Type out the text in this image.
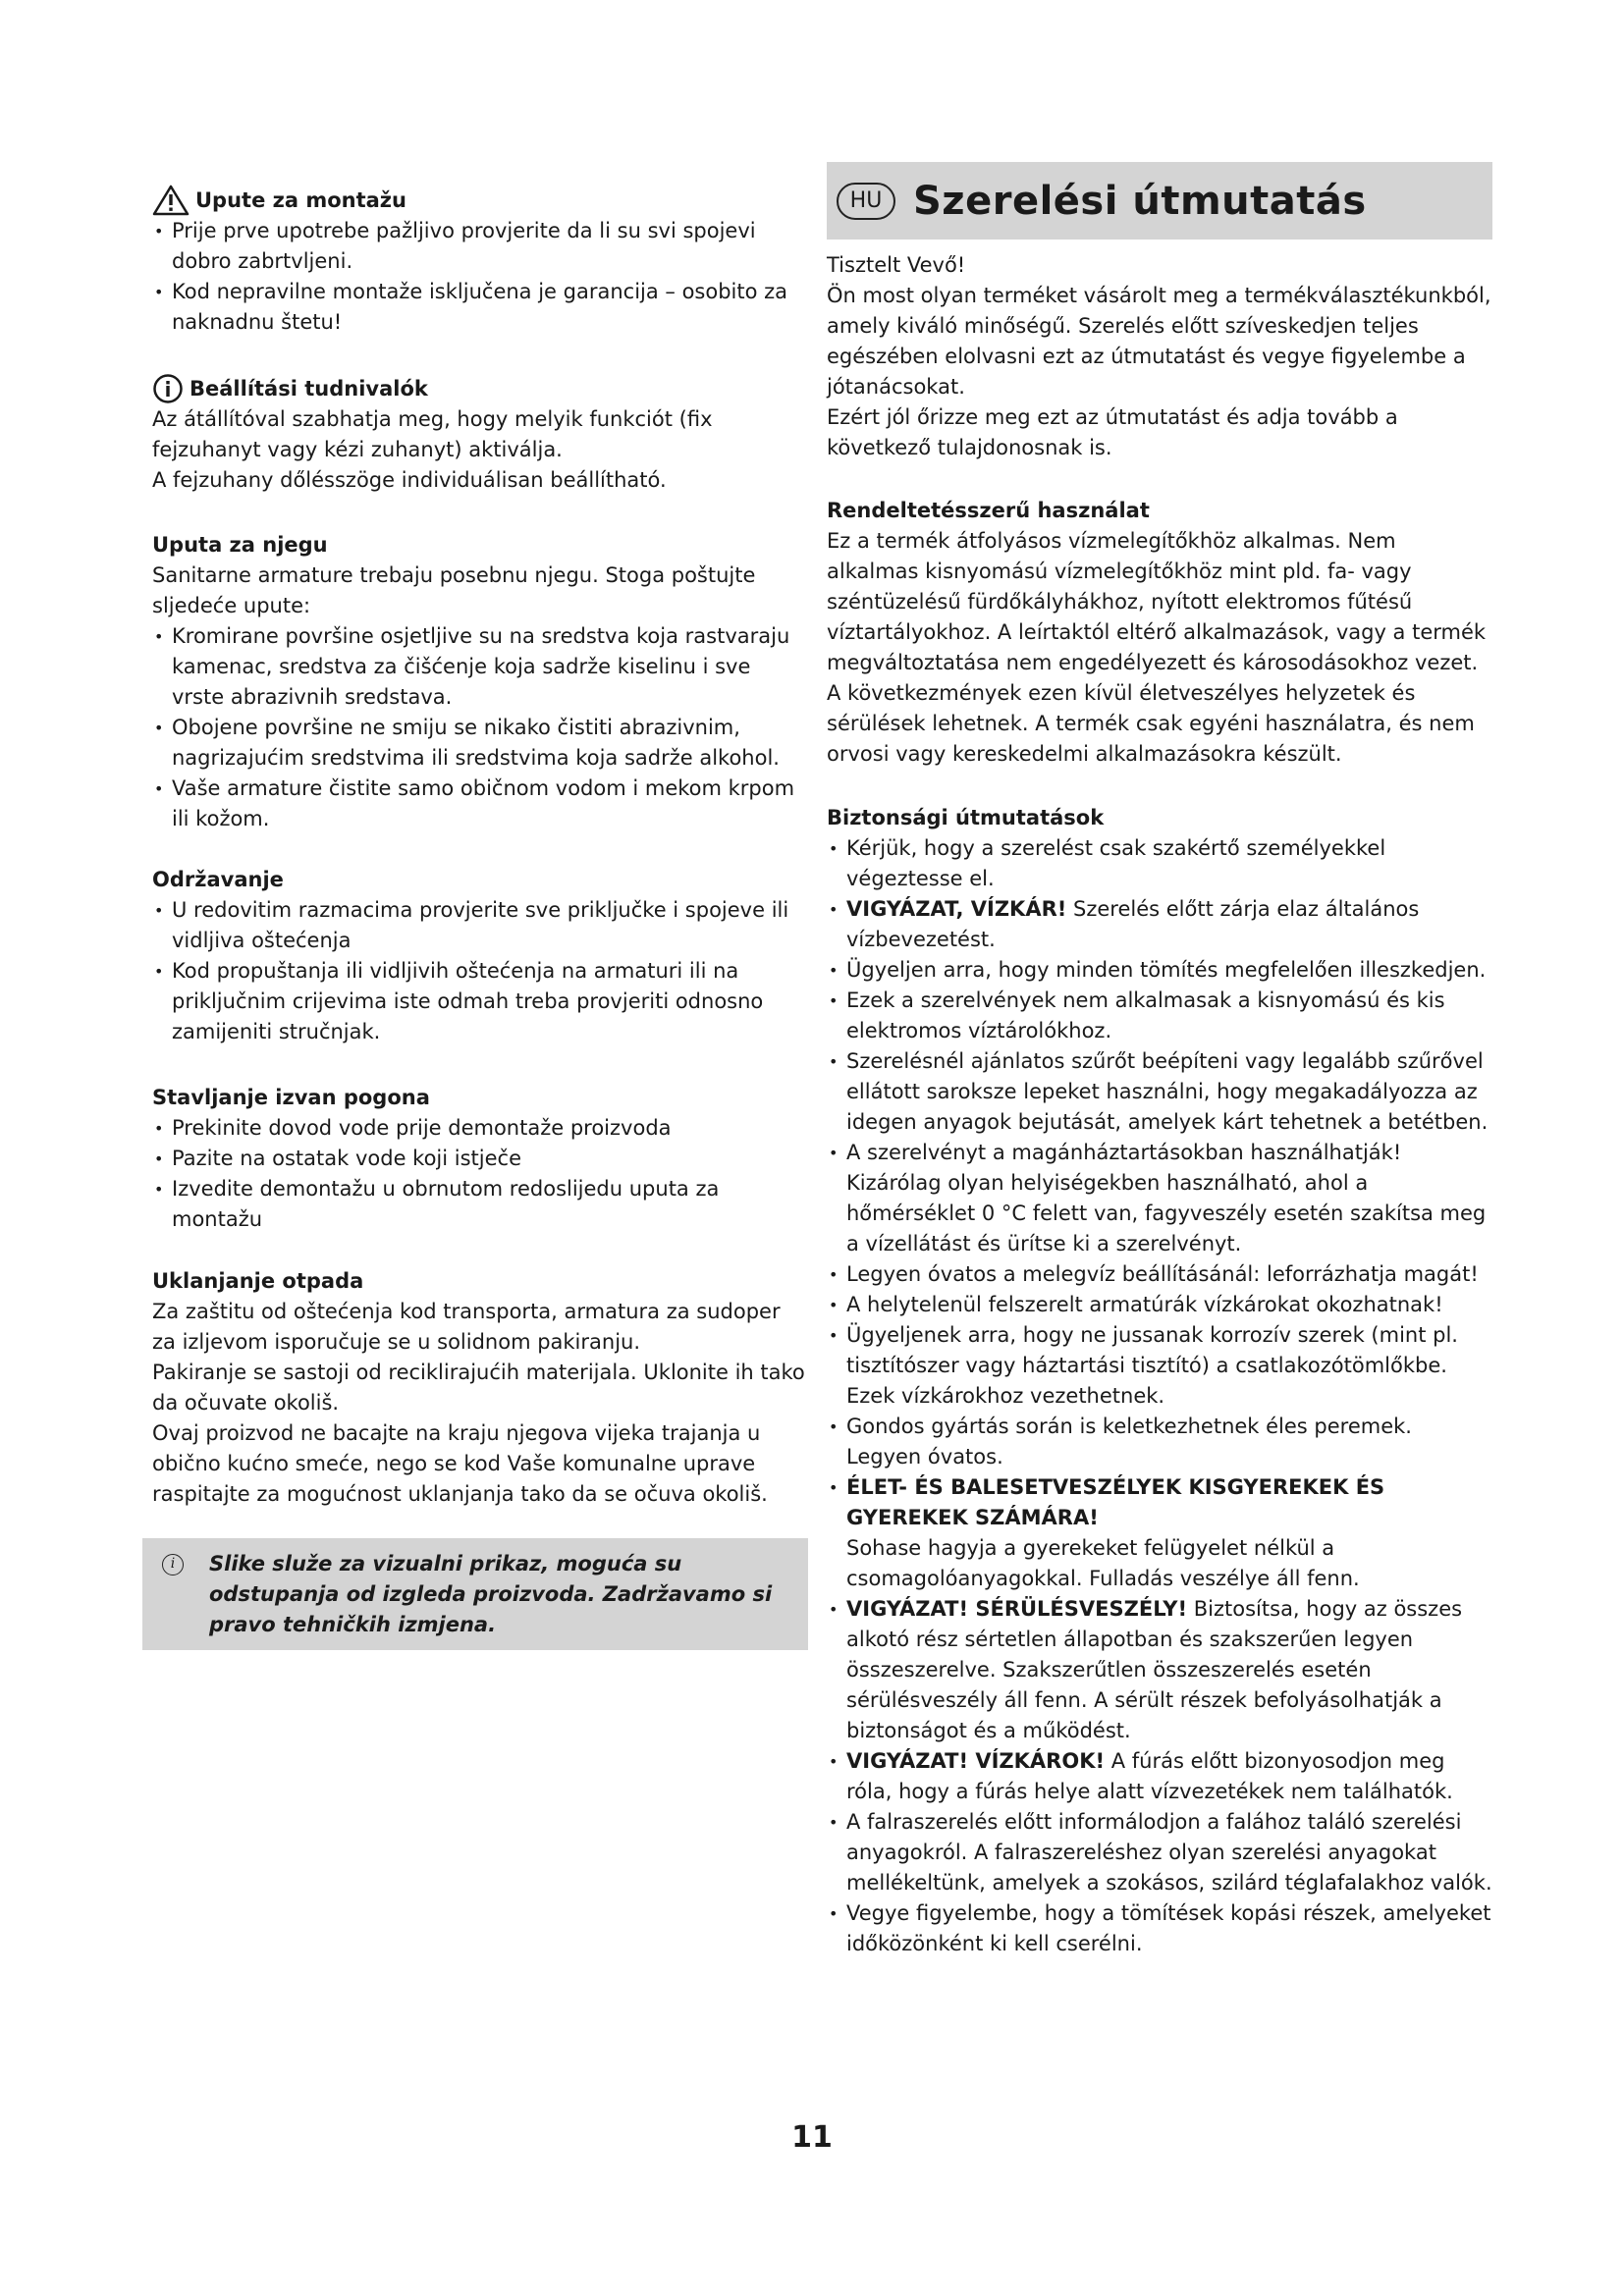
Upute za montažu
• Prije prve upotrebe pažljivo provjerite da li su svi spojevi dobro zabrtvljeni.
• Kod nepravilne montaže isključena je garancija – osobito za naknadnu štetu!
Beállítási tudnivalók

Az átállítóval szabhatja meg, hogy melyik funkciót (fix fejzuhanyt vagy kézi zuhanyt) aktiválja.

A fejzuhany dőlésszöge individuálisan beállítható.

Uputa za njegu

Sanitarne armature trebaju posebnu njegu. Stoga poštujte sljedeće upute:

• Kromirane površine osjetljive su na sredstva koja rastvaraju kamenac, sredstva za čišćenje koja sadrže kiselinu i sve vrste abrazivnih sredstava.
• Obojene površine ne smiju se nikako čistiti abrazivnim, nagrizajućim sredstvima ili sredstvima koja sadrže alkohol.
• Vaše armature čistite samo običnom vodom i mekom krpom ili kožom.
Održavanje
• U redovitim razmacima provjerite sve priključke i spojeve ili vidljiva oštećenja
• Kod propuštanja ili vidljivih oštećenja na armaturi ili na priključnim crijevima iste odmah treba provjeriti odnosno zamijeniti stručnjak.
Stavljanje izvan pogona
• Prekinite dovod vode prije demontaže proizvoda
• Pazite na ostatak vode koji istječe
• Izvedite demontažu u obrnutom redoslijedu uputa za montažu
Uklanjanje otpada

Za zaštitu od oštećenja kod transporta, armatura za sudoper za izljevom isporučuje se u solidnom pakiranju.

Pakiranje se sastoji od reciklirajućih materijala. Uklonite ih tako da očuvate okoliš.

Ovaj proizvod ne bacajte na kraju njegova vijeka trajanja u obično kućno smeće, nego se kod Vaše komunalne uprave raspitajte za mogućnost uklanjanja tako da se očuva okoliš.

i	Slike služe za vizualni prikaz, moguća su odstupanja od izgleda proizvoda. Zadržavamo si pravo tehničkih izmjena.
HU Szerelési útmutatás

Tisztelt Vevő!

Ön most olyan terméket vásárolt meg a termékválasztékunkból, amely kiváló minőségű. Szerelés előtt szíveskedjen teljes egészében elolvasni ezt az útmutatást és vegye figyelembe a jótanácsokat.

Ezért jól őrizze meg ezt az útmutatást és adja tovább a következő tulajdonosnak is.

Rendeltetésszerű használat

Ez a termék átfolyásos vízmelegítőkhöz alkalmas. Nem alkalmas kisnyomású vízmelegítőkhöz mint pld. fa- vagy széntüzelésű fürdőkályhákhoz, nyított elektromos fűtésű víztartályokhoz. A leírtaktól eltérő alkalmazások, vagy a termék megváltoztatása nem engedélyezett és károsodásokhoz vezet. A következmények ezen kívül életveszélyes helyzetek és sérülések lehetnek. A termék csak egyéni használatra, és nem orvosi vagy kereskedelmi alkalmazásokra készült.

Biztonsági útmutatások
• Kérjük, hogy a szerelést csak szakértő személyekkel végeztesse el.
• VIGYÁZAT, VÍZKÁR! Szerelés előtt zárja elaz általános vízbevezetést.
• Ügyeljen arra, hogy minden tömítés megfelelően illeszkedjen.
• Ezek a szerelvények nem alkalmasak a kisnyomású és kis elektromos víztárolókhoz.
• Szerelésnél ajánlatos szűrőt beépíteni vagy legalább szűrővel ellátott saroksze lepeket használni, hogy megakadályozza az idegen anyagok bejutását, amelyek kárt tehetnek a betétben.
• A szerelvényt a magánháztartásokban használhatják! Kizárólag olyan helyiségekben használható, ahol a hőmérséklet 0 °C felett van, fagyveszély esetén szakítsa meg a vízellátást és ürítse ki a szerelvényt.
• Legyen óvatos a melegvíz beállításánál: leforrázhatja magát!
• A helytelenül felszerelt armatúrák vízkárokat okozhatnak!
• Ügyeljenek arra, hogy ne jussanak korrozív szerek (mint pl. tisztítószer vagy háztartási tisztító) a csatlakozótömlőkbe. Ezek vízkárokhoz vezethetnek.
• Gondos gyártás során is keletkezhetnek éles peremek. Legyen óvatos.
• ÉLET- ÉS BALESETVESZÉLYEK KISGYEREKEK ÉS GYEREKEK SZÁMÁRA!
Sohase hagyja a gyerekeket felügyelet nélkül a csomagolóanyagokkal. Fulladás veszélye áll fenn.
• VIGYÁZAT! SÉRÜLÉSVESZÉLY! Biztosítsa, hogy az összes alkotó rész sértetlen állapotban és szakszerűen legyen összeszerelve. Szakszerűtlen összeszerelés esetén sérülésveszély áll fenn. A sérült részek befolyásolhatják a biztonságot és a működést.
• VIGYÁZAT! VÍZKÁROK! A fúrás előtt bizonyosodjon meg róla, hogy a fúrás helye alatt vízvezetékek nem találhatók.
• A falraszerelés előtt informálodjon a falához találó szerelési anyagokról. A falraszereléshez olyan szerelési anyagokat mellékeltünk, amelyek a szokásos, szilárd téglafalakhoz valók.
• Vegye figyelembe, hogy a tömítések kopási részek, amelyeket időközönként ki kell cserélni.
11
